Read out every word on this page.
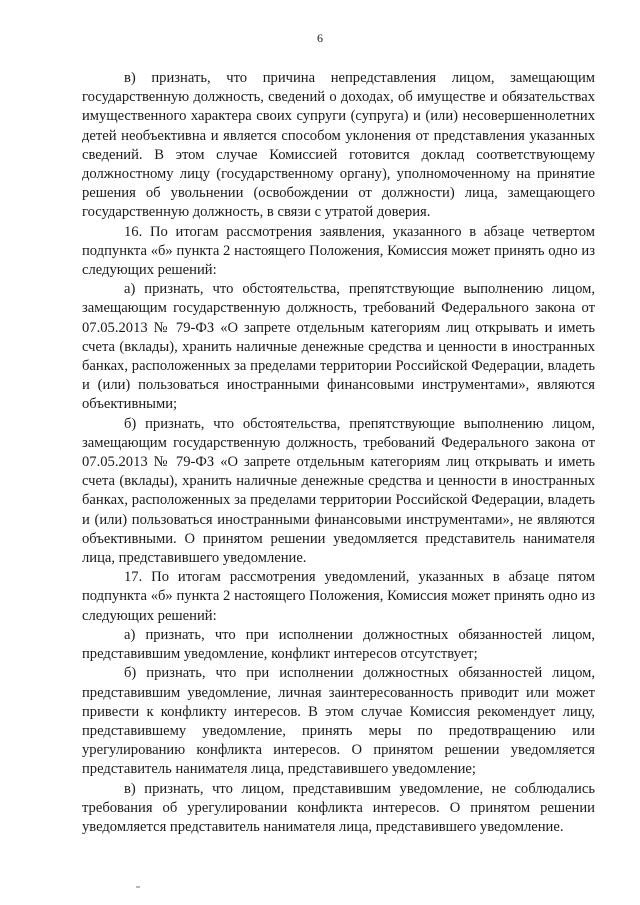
6

в) признать, что причина непредставления лицом, замещающим государственную должность, сведений о доходах, об имуществе и обязательствах имущественного характера своих супруги (супруга) и (или) несовершеннолетних детей необъективна и является способом уклонения от представления указанных сведений. В этом случае Комиссией готовится доклад соответствующему должностному лицу (государственному органу), уполномоченному на принятие решения об увольнении (освобождении от должности) лица, замещающего государственную должность, в связи с утратой доверия.

16. По итогам рассмотрения заявления, указанного в абзаце четвертом подпункта «б» пункта 2 настоящего Положения, Комиссия может принять одно из следующих решений:

а) признать, что обстоятельства, препятствующие выполнению лицом, замещающим государственную должность, требований Федерального закона от 07.05.2013 № 79-ФЗ «О запрете отдельным категориям лиц открывать и иметь счета (вклады), хранить наличные денежные средства и ценности в иностранных банках, расположенных за пределами территории Российской Федерации, владеть и (или) пользоваться иностранными финансовыми инструментами», являются объективными;

б) признать, что обстоятельства, препятствующие выполнению лицом, замещающим государственную должность, требований Федерального закона от 07.05.2013 № 79-ФЗ «О запрете отдельным категориям лиц открывать и иметь счета (вклады), хранить наличные денежные средства и ценности в иностранных банках, расположенных за пределами территории Российской Федерации, владеть и (или) пользоваться иностранными финансовыми инструментами», не являются объективными. О принятом решении уведомляется представитель нанимателя лица, представившего уведомление.

17. По итогам рассмотрения уведомлений, указанных в абзаце пятом подпункта «б» пункта 2 настоящего Положения, Комиссия может принять одно из следующих решений:

а) признать, что при исполнении должностных обязанностей лицом, представившим уведомление, конфликт интересов отсутствует;

б) признать, что при исполнении должностных обязанностей лицом, представившим уведомление, личная заинтересованность приводит или может привести к конфликту интересов. В этом случае Комиссия рекомендует лицу, представившему уведомление, принять меры по предотвращению или урегулированию конфликта интересов. О принятом решении уведомляется представитель нанимателя лица, представившего уведомление;

в) признать, что лицом, представившим уведомление, не соблюдались требования об урегулировании конфликта интересов. О принятом решении уведомляется представитель нанимателя лица, представившего уведомление.
